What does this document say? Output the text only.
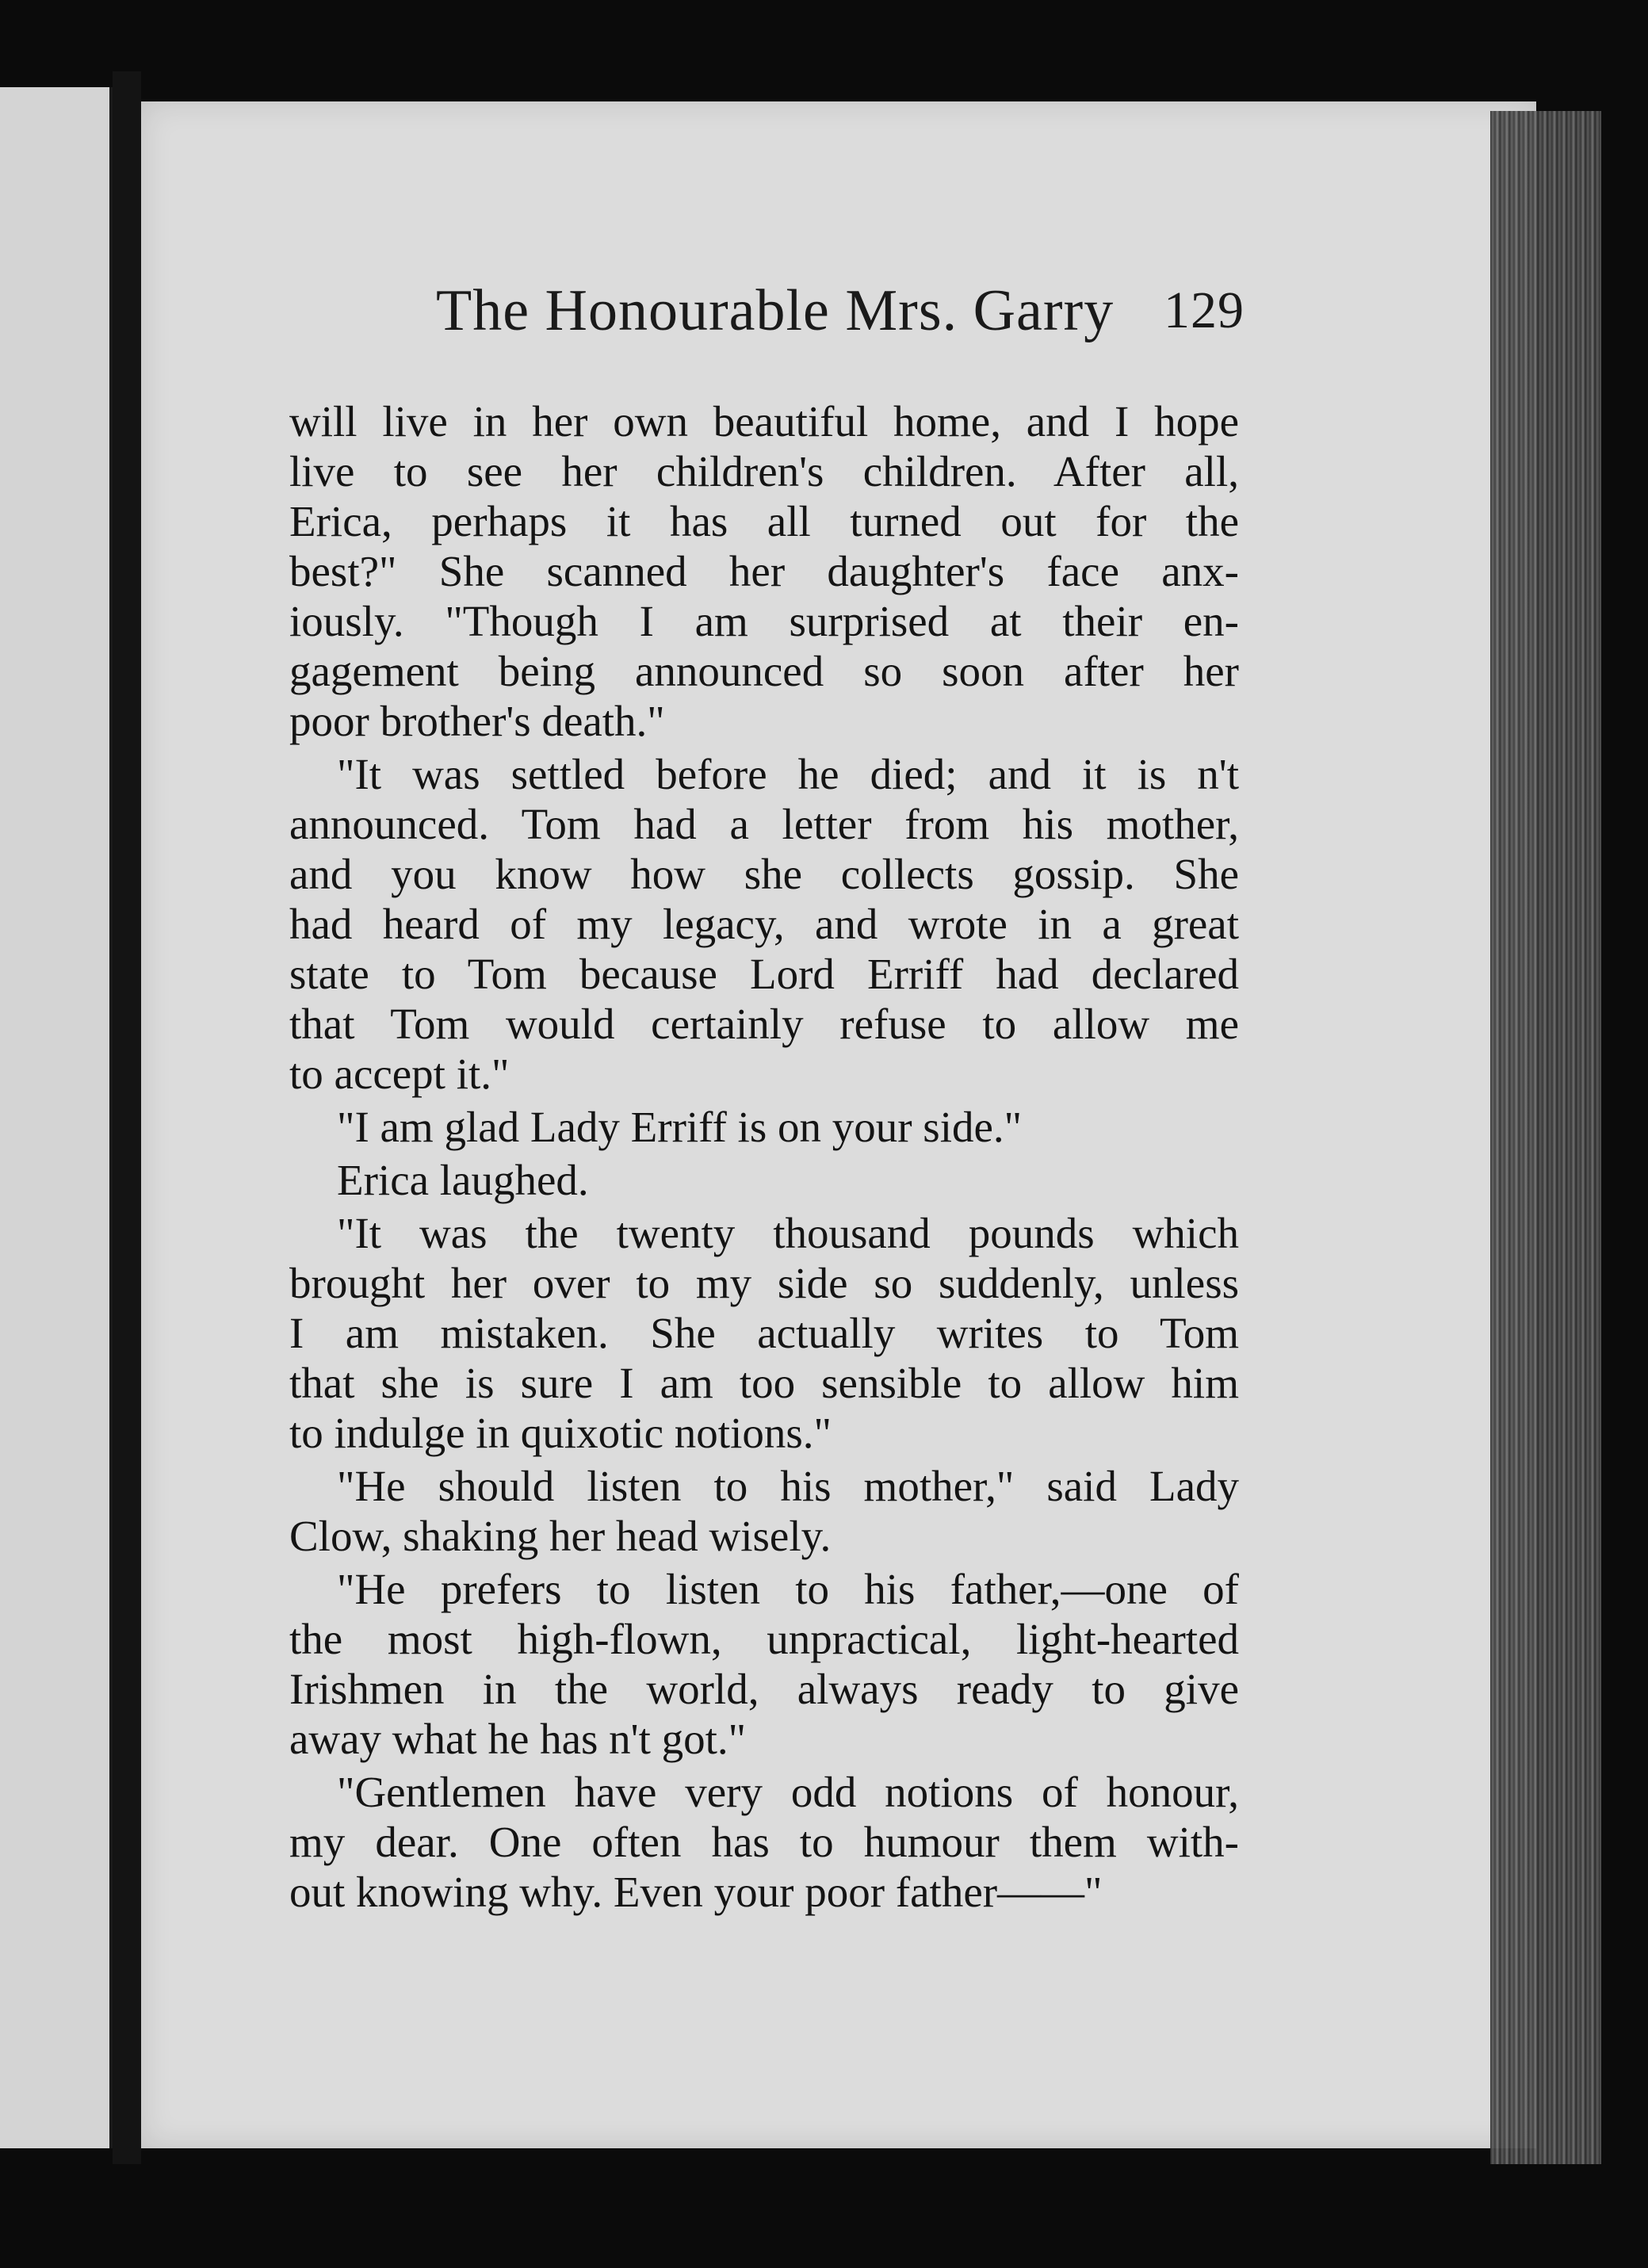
The Honourable Mrs. Garry 129

will live in her own beautiful home, and I hope
live to see her children's children. After all,
Erica, perhaps it has all turned out for the
best?" She scanned her daughter's face anx-
iously. "Though I am surprised at their en-
gagement being announced so soon after her
poor brother's death."

"It was settled before he died; and it is n't
announced. Tom had a letter from his mother,
and you know how she collects gossip. She
had heard of my legacy, and wrote in a great
state to Tom because Lord Erriff had declared
that Tom would certainly refuse to allow me
to accept it."

"I am glad Lady Erriff is on your side."

Erica laughed.

"It was the twenty thousand pounds which
brought her over to my side so suddenly, unless
I am mistaken. She actually writes to Tom
that she is sure I am too sensible to allow him
to indulge in quixotic notions."

"He should listen to his mother," said Lady
Clow, shaking her head wisely.

"He prefers to listen to his father,—one of
the most high-flown, unpractical, light-hearted
Irishmen in the world, always ready to give
away what he has n't got."

"Gentlemen have very odd notions of honour,
my dear. One often has to humour them with-
out knowing why. Even your poor father——"
